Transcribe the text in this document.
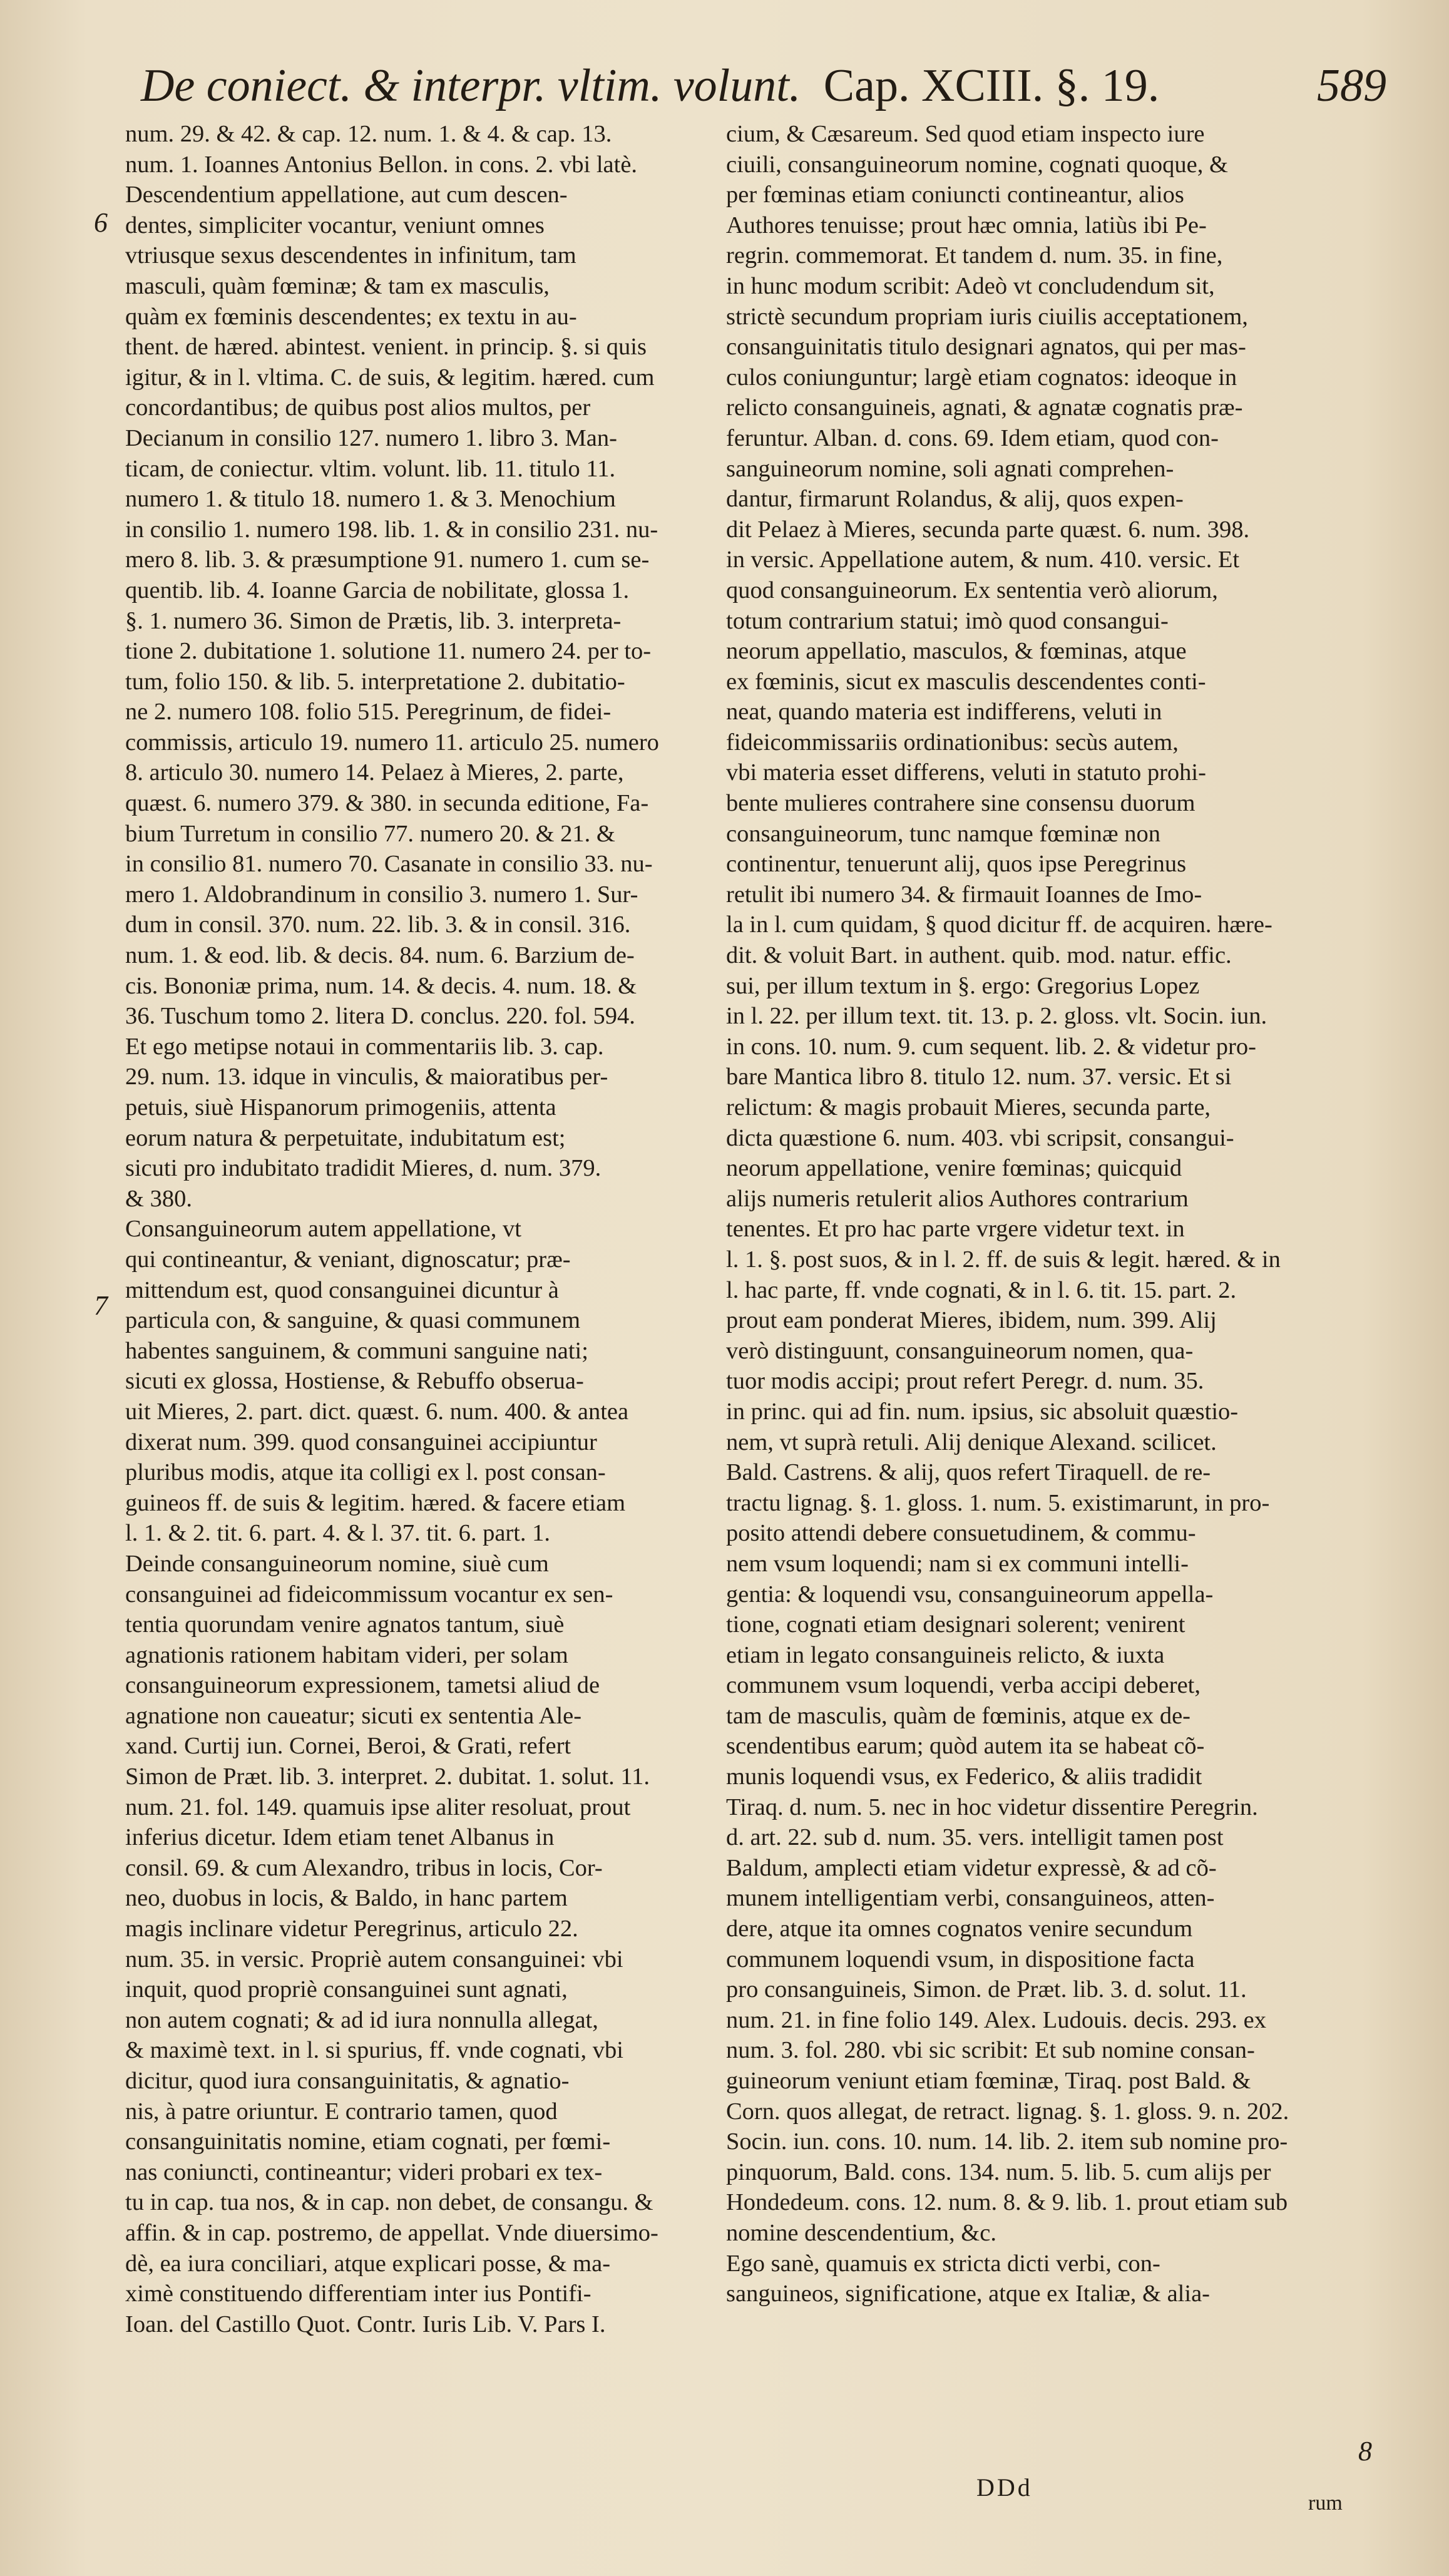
De coniect. & interpr. vltim. volunt. Cap. XCIII. §. 19.	589
6
7
8
num. 29. & 42. & cap. 12. num. 1. & 4. & cap. 13.
num. 1. Ioannes Antonius Bellon. in cons. 2. vbi latè.
Descendentium appellatione, aut cum descen-
dentes, simpliciter vocantur, veniunt omnes
vtriusque sexus descendentes in infinitum, tam
masculi, quàm fœminæ; & tam ex masculis,
quàm ex fœminis descendentes; ex textu in au-
thent. de hæred. abintest. venient. in princip. §. si quis
igitur, & in l. vltima. C. de suis, & legitim. hæred. cum
concordantibus; de quibus post alios multos, per
Decianum in consilio 127. numero 1. libro 3. Man-
ticam, de coniectur. vltim. volunt. lib. 11. titulo 11.
numero 1. & titulo 18. numero 1. & 3. Menochium
in consilio 1. numero 198. lib. 1. & in consilio 231. nu-
mero 8. lib. 3. & præsumptione 91. numero 1. cum se-
quentib. lib. 4. Ioanne Garcia de nobilitate, glossa 1.
§. 1. numero 36. Simon de Prætis, lib. 3. interpreta-
tione 2. dubitatione 1. solutione 11. numero 24. per to-
tum, folio 150. & lib. 5. interpretatione 2. dubitatio-
ne 2. numero 108. folio 515. Peregrinum, de fidei-
commissis, articulo 19. numero 11. articulo 25. numero
8. articulo 30. numero 14. Pelaez à Mieres, 2. parte,
quæst. 6. numero 379. & 380. in secunda editione, Fa-
bium Turretum in consilio 77. numero 20. & 21. &
in consilio 81. numero 70. Casanate in consilio 33. nu-
mero 1. Aldobrandinum in consilio 3. numero 1. Sur-
dum in consil. 370. num. 22. lib. 3. & in consil. 316.
num. 1. & eod. lib. & decis. 84. num. 6. Barzium de-
cis. Bononiæ prima, num. 14. & decis. 4. num. 18. &
36. Tuschum tomo 2. litera D. conclus. 220. fol. 594.
Et ego metipse notaui in commentariis lib. 3. cap.
29. num. 13. idque in vinculis, & maioratibus per-
petuis, siuè Hispanorum primogeniis, attenta
eorum natura & perpetuitate, indubitatum est;
sicuti pro indubitato tradidit Mieres, d. num. 379.
& 380.
Consanguineorum autem appellatione, vt
qui contineantur, & veniant, dignoscatur; præ-
mittendum est, quod consanguinei dicuntur à
particula con, & sanguine, & quasi communem
habentes sanguinem, & communi sanguine nati;
sicuti ex glossa, Hostiense, & Rebuffo obserua-
uit Mieres, 2. part. dict. quæst. 6. num. 400. & antea
dixerat num. 399. quod consanguinei accipiuntur
pluribus modis, atque ita colligi ex l. post consan-
guineos ff. de suis & legitim. hæred. & facere etiam
l. 1. & 2. tit. 6. part. 4. & l. 37. tit. 6. part. 1.
Deinde consanguineorum nomine, siuè cum
consanguinei ad fideicommissum vocantur ex sen-
tentia quorundam venire agnatos tantum, siuè
agnationis rationem habitam videri, per solam
consanguineorum expressionem, tametsi aliud de
agnatione non caueatur; sicuti ex sententia Ale-
xand. Curtij iun. Cornei, Beroi, & Grati, refert
Simon de Præt. lib. 3. interpret. 2. dubitat. 1. solut. 11.
num. 21. fol. 149. quamuis ipse aliter resoluat, prout
inferius dicetur. Idem etiam tenet Albanus in
consil. 69. & cum Alexandro, tribus in locis, Cor-
neo, duobus in locis, & Baldo, in hanc partem
magis inclinare videtur Peregrinus, articulo 22.
num. 35. in versic. Propriè autem consanguinei: vbi
inquit, quod propriè consanguinei sunt agnati,
non autem cognati; & ad id iura nonnulla allegat,
& maximè text. in l. si spurius, ff. vnde cognati, vbi
dicitur, quod iura consanguinitatis, & agnatio-
nis, à patre oriuntur. E contrario tamen, quod
consanguinitatis nomine, etiam cognati, per fœmi-
nas coniuncti, contineantur; videri probari ex tex-
tu in cap. tua nos, & in cap. non debet, de consangu. &
affin. & in cap. postremo, de appellat. Vnde diuersimo-
dè, ea iura conciliari, atque explicari posse, & ma-
ximè constituendo differentiam inter ius Pontifi-
Ioan. del Castillo Quot. Contr. Iuris Lib. V. Pars I.
cium, & Cæsareum. Sed quod etiam inspecto iure
ciuili, consanguineorum nomine, cognati quoque, &
per fœminas etiam coniuncti contineantur, alios
Authores tenuisse; prout hæc omnia, latiùs ibi Pe-
regrin. commemorat. Et tandem d. num. 35. in fine,
in hunc modum scribit: Adeò vt concludendum sit,
strictè secundum propriam iuris ciuilis acceptationem,
consanguinitatis titulo designari agnatos, qui per mas-
culos coniunguntur; largè etiam cognatos: ideoque in
relicto consanguineis, agnati, & agnatæ cognatis præ-
feruntur. Alban. d. cons. 69. Idem etiam, quod con-
sanguineorum nomine, soli agnati comprehen-
dantur, firmarunt Rolandus, & alij, quos expen-
dit Pelaez à Mieres, secunda parte quæst. 6. num. 398.
in versic. Appellatione autem, & num. 410. versic. Et
quod consanguineorum. Ex sententia verò aliorum,
totum contrarium statui; imò quod consangui-
neorum appellatio, masculos, & fœminas, atque
ex fœminis, sicut ex masculis descendentes conti-
neat, quando materia est indifferens, veluti in
fideicommissariis ordinationibus: secùs autem,
vbi materia esset differens, veluti in statuto prohi-
bente mulieres contrahere sine consensu duorum
consanguineorum, tunc namque fœminæ non
continentur, tenuerunt alij, quos ipse Peregrinus
retulit ibi numero 34. & firmauit Ioannes de Imo-
la in l. cum quidam, § quod dicitur ff. de acquiren. hære-
dit. & voluit Bart. in authent. quib. mod. natur. effic.
sui, per illum textum in §. ergo: Gregorius Lopez
in l. 22. per illum text. tit. 13. p. 2. gloss. vlt. Socin. iun.
in cons. 10. num. 9. cum sequent. lib. 2. & videtur pro-
bare Mantica libro 8. titulo 12. num. 37. versic. Et si
relictum: & magis probauit Mieres, secunda parte,
dicta quæstione 6. num. 403. vbi scripsit, consangui-
neorum appellatione, venire fœminas; quicquid
alijs numeris retulerit alios Authores contrarium
tenentes. Et pro hac parte vrgere videtur text. in
l. 1. §. post suos, & in l. 2. ff. de suis & legit. hæred. & in
l. hac parte, ff. vnde cognati, & in l. 6. tit. 15. part. 2.
prout eam ponderat Mieres, ibidem, num. 399. Alij
verò distinguunt, consanguineorum nomen, qua-
tuor modis accipi; prout refert Peregr. d. num. 35.
in princ. qui ad fin. num. ipsius, sic absoluit quæstio-
nem, vt suprà retuli. Alij denique Alexand. scilicet.
Bald. Castrens. & alij, quos refert Tiraquell. de re-
tractu lignag. §. 1. gloss. 1. num. 5. existimarunt, in pro-
posito attendi debere consuetudinem, & commu-
nem vsum loquendi; nam si ex communi intelli-
gentia: & loquendi vsu, consanguineorum appella-
tione, cognati etiam designari solerent; venirent
etiam in legato consanguineis relicto, & iuxta
communem vsum loquendi, verba accipi deberet,
tam de masculis, quàm de fœminis, atque ex de-
scendentibus earum; quòd autem ita se habeat cõ-
munis loquendi vsus, ex Federico, & aliis tradidit
Tiraq. d. num. 5. nec in hoc videtur dissentire Peregrin.
d. art. 22. sub d. num. 35. vers. intelligit tamen post
Baldum, amplecti etiam videtur expressè, & ad cõ-
munem intelligentiam verbi, consanguineos, atten-
dere, atque ita omnes cognatos venire secundum
communem loquendi vsum, in dispositione facta
pro consanguineis, Simon. de Præt. lib. 3. d. solut. 11.
num. 21. in fine folio 149. Alex. Ludouis. decis. 293. ex
num. 3. fol. 280. vbi sic scribit: Et sub nomine consan-
guineorum veniunt etiam fœminæ, Tiraq. post Bald. &
Corn. quos allegat, de retract. lignag. §. 1. gloss. 9. n. 202.
Socin. iun. cons. 10. num. 14. lib. 2. item sub nomine pro-
pinquorum, Bald. cons. 134. num. 5. lib. 5. cum alijs per
Hondedeum. cons. 12. num. 8. & 9. lib. 1. prout etiam sub
nomine descendentium, &c.
Ego sanè, quamuis ex stricta dicti verbi, con-
sanguineos, significatione, atque ex Italiæ, & alia-
DDd
rum
